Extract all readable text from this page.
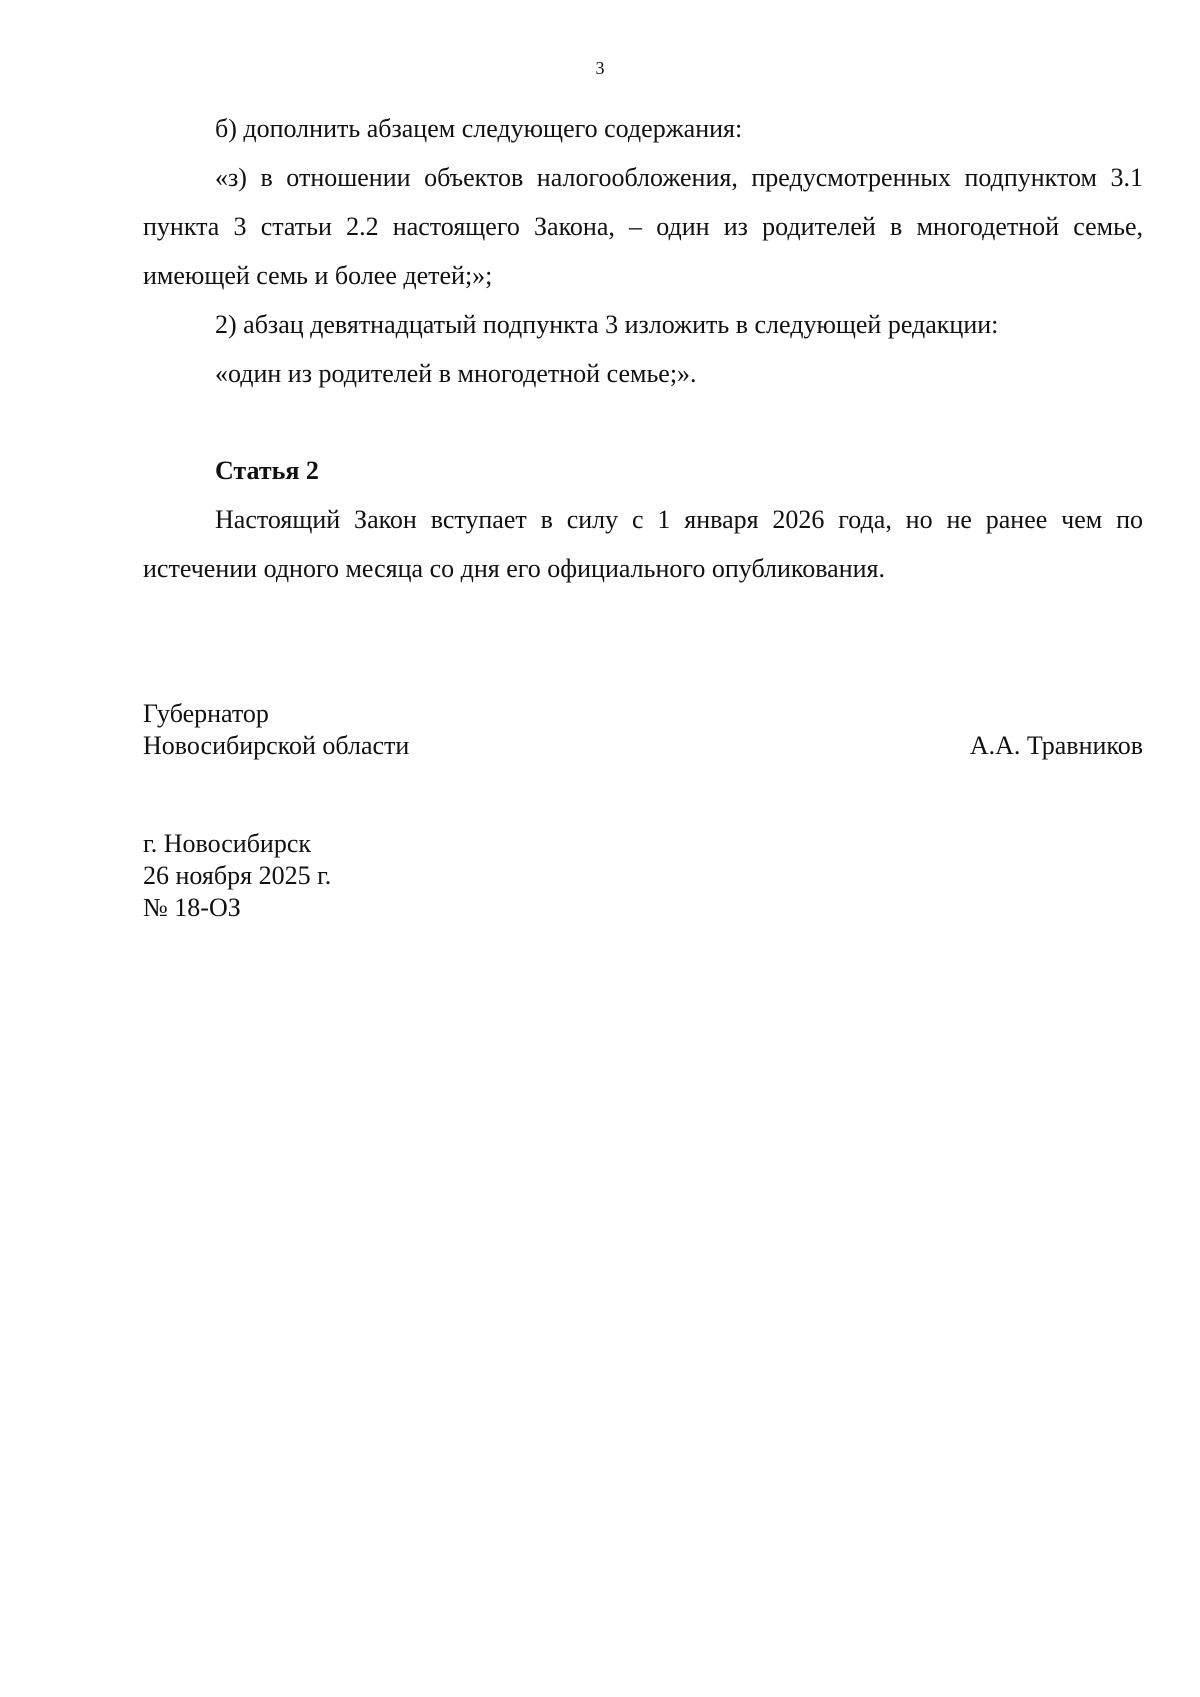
3

б) дополнить абзацем следующего содержания:

«з) в отношении объектов налогообложения, предусмотренных подпунктом 3.1 пункта 3 статьи 2.2 настоящего Закона, – один из родителей в многодетной семье, имеющей семь и более детей;»;

2) абзац девятнадцатый подпункта 3 изложить в следующей редакции:

«один из родителей в многодетной семье;».

Статья 2

Настоящий Закон вступает в силу с 1 января 2026 года, но не ранее чем по истечении одного месяца со дня его официального опубликования.

Губернатор
Новосибирской области	А.А. Травников
г. Новосибирск
26 ноября 2025 г.
№ 18-ОЗ
